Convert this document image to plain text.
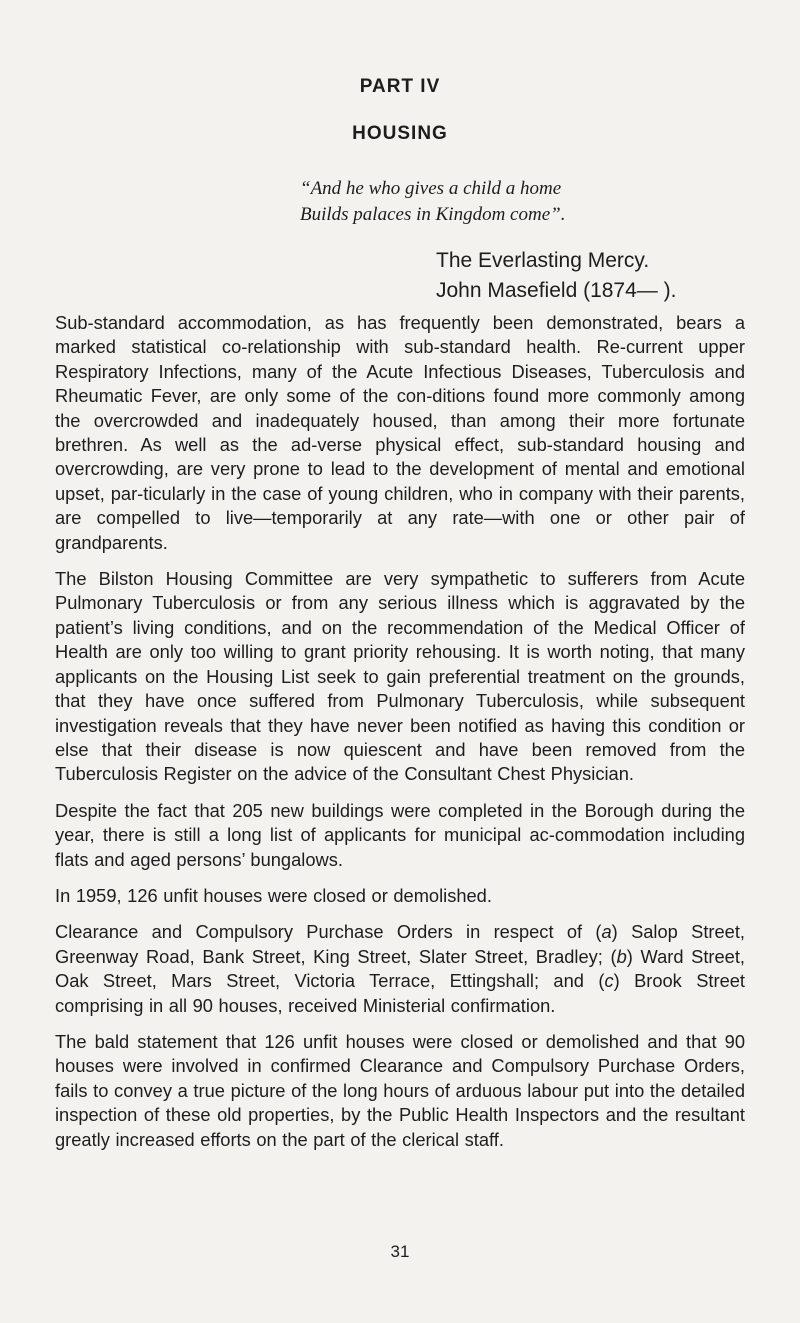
PART IV
HOUSING
“And he who gives a child a home
Builds palaces in Kingdom come”.
The Everlasting Mercy.
John Masefield (1874— ).

Sub-standard accommodation, as has frequently been demonstrated, bears a marked statistical co-relationship with sub-standard health. Re-current upper Respiratory Infections, many of the Acute Infectious Diseases, Tuberculosis and Rheumatic Fever, are only some of the con-ditions found more commonly among the overcrowded and inadequately housed, than among their more fortunate brethren. As well as the ad-verse physical effect, sub-standard housing and overcrowding, are very prone to lead to the development of mental and emotional upset, par-ticularly in the case of young children, who in company with their parents, are compelled to live—temporarily at any rate—with one or other pair of grandparents.

The Bilston Housing Committee are very sympathetic to sufferers from Acute Pulmonary Tuberculosis or from any serious illness which is aggravated by the patient’s living conditions, and on the recommendation of the Medical Officer of Health are only too willing to grant priority rehousing. It is worth noting, that many applicants on the Housing List seek to gain preferential treatment on the grounds, that they have once suffered from Pulmonary Tuberculosis, while subsequent investigation reveals that they have never been notified as having this condition or else that their disease is now quiescent and have been removed from the Tuberculosis Register on the advice of the Consultant Chest Physician.

Despite the fact that 205 new buildings were completed in the Borough during the year, there is still a long list of applicants for municipal ac-commodation including flats and aged persons’ bungalows.

In 1959, 126 unfit houses were closed or demolished.

Clearance and Compulsory Purchase Orders in respect of (a) Salop Street, Greenway Road, Bank Street, King Street, Slater Street, Bradley; (b) Ward Street, Oak Street, Mars Street, Victoria Terrace, Ettingshall; and (c) Brook Street comprising in all 90 houses, received Ministerial confirmation.

The bald statement that 126 unfit houses were closed or demolished and that 90 houses were involved in confirmed Clearance and Compulsory Purchase Orders, fails to convey a true picture of the long hours of arduous labour put into the detailed inspection of these old properties, by the Public Health Inspectors and the resultant greatly increased efforts on the part of the clerical staff.

31
